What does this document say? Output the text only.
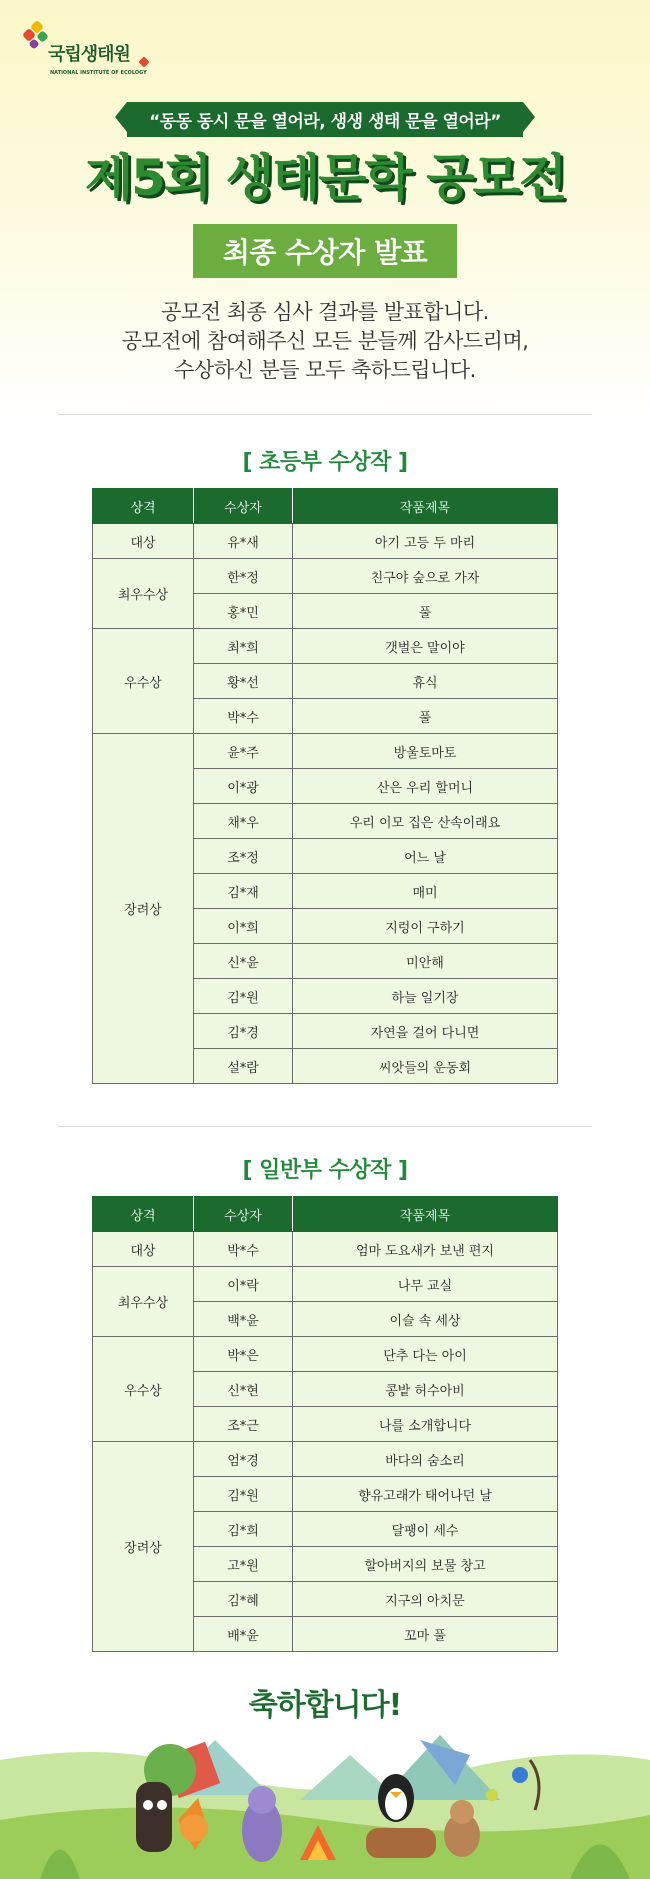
국립생태원
NATIONAL INSTITUTE OF ECOLOGY
“동동 동시 문을 열어라, 생생 생태 문을 열어라”
제5회 생태문학 공모전
최종 수상자 발표
공모전 최종 심사 결과를 발표합니다.
공모전에 참여해주신 모든 분들께 감사드리며,
수상하신 분들 모두 축하드립니다.
[ 초등부 수상작 ]
상격	수상자	작품제목
대상	유*새	아기 고등 두 마리
최우수상	한*정	친구야 숲으로 가자
	홍*민	풀
우수상	최*희	갯벌은 말이야
	황*선	휴식
	박*수	풀
장려상	윤*주	방울토마토
	이*광	산은 우리 할머니
	채*우	우리 이모 집은 산속이래요
	조*정	어느 날
	김*재	매미
	이*희	지렁이 구하기
	신*윤	미안해
	김*원	하늘 일기장
	김*경	자연을 걸어 다니면
	설*람	씨앗들의 운동회
[ 일반부 수상작 ]
상격	수상자	작품제목
대상	박*수	엄마 도요새가 보낸 편지
최우수상	이*락	나무 교실
	백*윤	이슬 속 세상
우수상	박*은	단추 다는 아이
	신*현	콩밭 허수아비
	조*근	나를 소개합니다
장려상	엄*경	바다의 숨소리
	김*원	향유고래가 태어나던 날
	김*희	달팽이 세수
	고*원	할아버지의 보물 창고
	김*혜	지구의 아치문
	배*윤	꼬마 풀
축하합니다!
